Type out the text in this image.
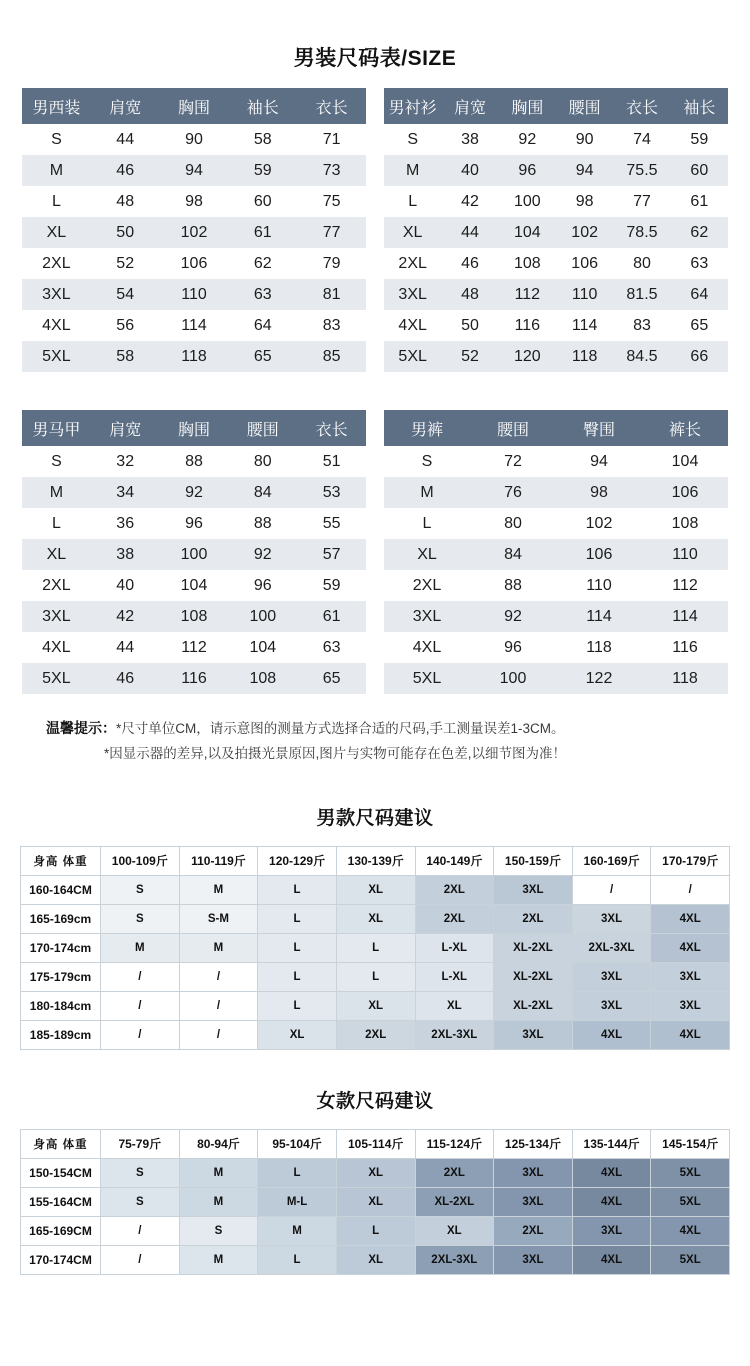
男装尺码表/SIZE
男西装	肩宽	胸围	袖长	衣长
S	44	90	58	71
M	46	94	59	73
L	48	98	60	75
XL	50	102	61	77
2XL	52	106	62	79
3XL	54	110	63	81
4XL	56	114	64	83
5XL	58	118	65	85
男衬衫	肩宽	胸围	腰围	衣长	袖长
S	38	92	90	74	59
M	40	96	94	75.5	60
L	42	100	98	77	61
XL	44	104	102	78.5	62
2XL	46	108	106	80	63
3XL	48	112	110	81.5	64
4XL	50	116	114	83	65
5XL	52	120	118	84.5	66
男马甲	肩宽	胸围	腰围	衣长
S	32	88	80	51
M	34	92	84	53
L	36	96	88	55
XL	38	100	92	57
2XL	40	104	96	59
3XL	42	108	100	61
4XL	44	112	104	63
5XL	46	116	108	65
男裤	腰围	臀围	裤长
S	72	94	104
M	76	98	106
L	80	102	108
XL	84	106	110
2XL	88	110	112
3XL	92	114	114
4XL	96	118	116
5XL	100	122	118
温馨提示：*尺寸单位CM，请示意图的测量方式选择合适的尺码,手工测量误差1-3CM。
*因显示器的差异,以及拍摄光景原因,图片与实物可能存在色差,以细节图为准！
男款尺码建议
身高 体重	100-109斤	110-119斤	120-129斤	130-139斤	140-149斤	150-159斤	160-169斤	170-179斤
160-164CM	S	M	L	XL	2XL	3XL	/	/
165-169cm	S	S-M	L	XL	2XL	2XL	3XL	4XL
170-174cm	M	M	L	L	L-XL	XL-2XL	2XL-3XL	4XL
175-179cm	/	/	L	L	L-XL	XL-2XL	3XL	3XL
180-184cm	/	/	L	XL	XL	XL-2XL	3XL	3XL
185-189cm	/	/	XL	2XL	2XL-3XL	3XL	4XL	4XL
女款尺码建议
身高 体重	75-79斤	80-94斤	95-104斤	105-114斤	115-124斤	125-134斤	135-144斤	145-154斤
150-154CM	S	M	L	XL	2XL	3XL	4XL	5XL
155-164CM	S	M	M-L	XL	XL-2XL	3XL	4XL	5XL
165-169CM	/	S	M	L	XL	2XL	3XL	4XL
170-174CM	/	M	L	XL	2XL-3XL	3XL	4XL	5XL
